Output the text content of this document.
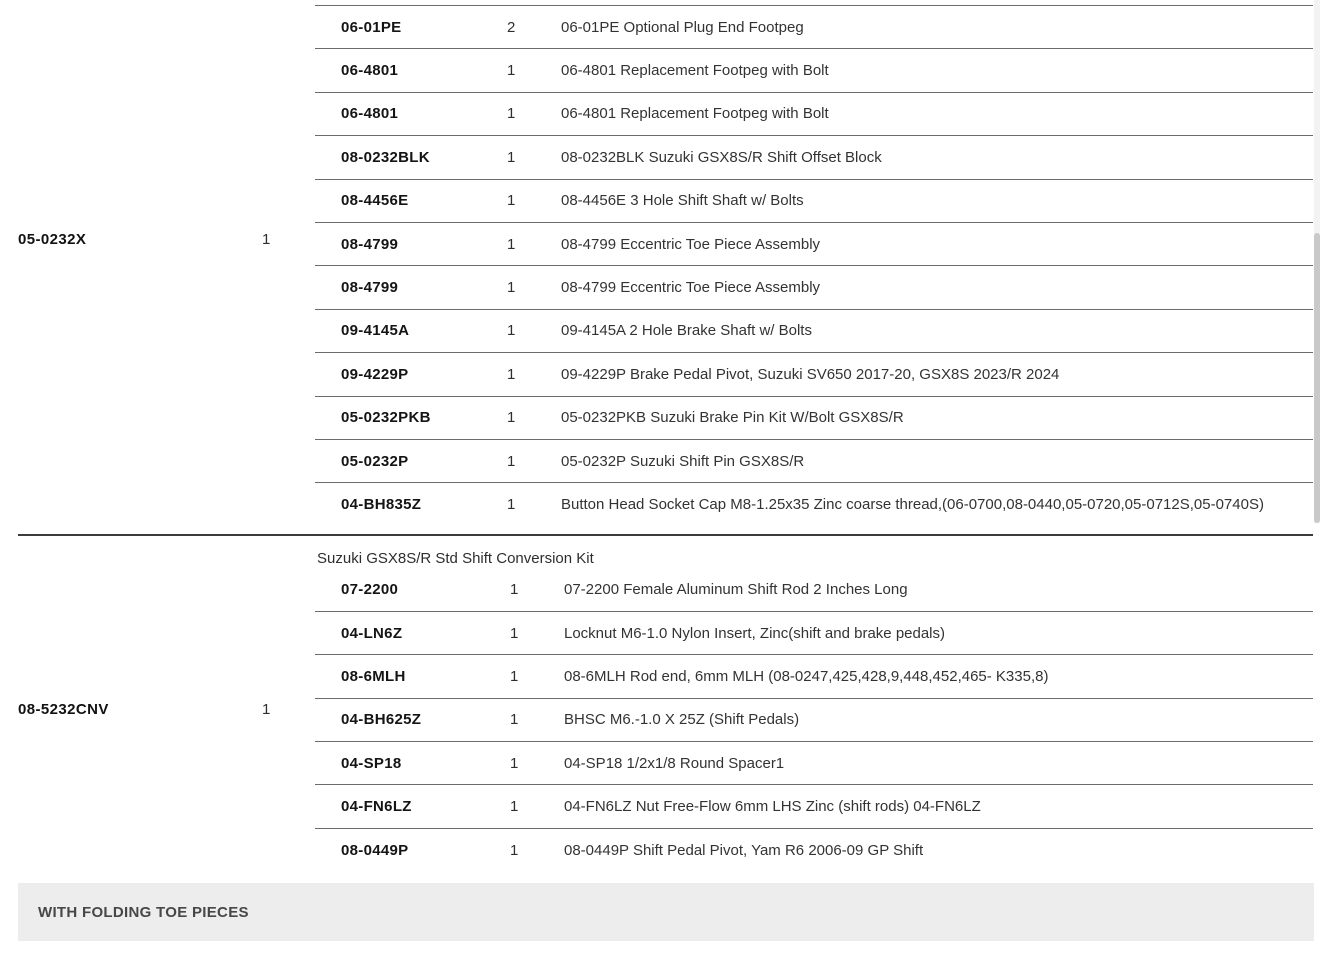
05-0232X	1
06-01PE	2	06-01PE Optional Plug End Footpeg
06-4801	1	06-4801 Replacement Footpeg with Bolt
06-4801	1	06-4801 Replacement Footpeg with Bolt
08-0232BLK	1	08-0232BLK Suzuki GSX8S/R Shift Offset Block
08-4456E	1	08-4456E 3 Hole Shift Shaft w/ Bolts
08-4799	1	08-4799 Eccentric Toe Piece Assembly
08-4799	1	08-4799 Eccentric Toe Piece Assembly
09-4145A	1	09-4145A 2 Hole Brake Shaft w/ Bolts
09-4229P	1	09-4229P Brake Pedal Pivot, Suzuki SV650 2017-20, GSX8S 2023/R 2024
05-0232PKB	1	05-0232PKB Suzuki Brake Pin Kit W/Bolt GSX8S/R
05-0232P	1	05-0232P Suzuki Shift Pin GSX8S/R
04-BH835Z	1	Button Head Socket Cap M8-1.25x35 Zinc coarse thread,(06-0700,08-0440,05-0720,05-0712S,05-0740S)
Suzuki GSX8S/R Std Shift Conversion Kit
08-5232CNV	1
07-2200	1	07-2200 Female Aluminum Shift Rod 2 Inches Long
04-LN6Z	1	Locknut M6-1.0 Nylon Insert, Zinc(shift and brake pedals)
08-6MLH	1	08-6MLH Rod end, 6mm MLH (08-0247,425,428,9,448,452,465- K335,8)
04-BH625Z	1	BHSC M6.-1.0 X 25Z (Shift Pedals)
04-SP18	1	04-SP18 1/2x1/8 Round Spacer1
04-FN6LZ	1	04-FN6LZ Nut Free-Flow 6mm LHS Zinc (shift rods) 04-FN6LZ
08-0449P	1	08-0449P Shift Pedal Pivot, Yam R6 2006-09 GP Shift
WITH FOLDING TOE PIECES
